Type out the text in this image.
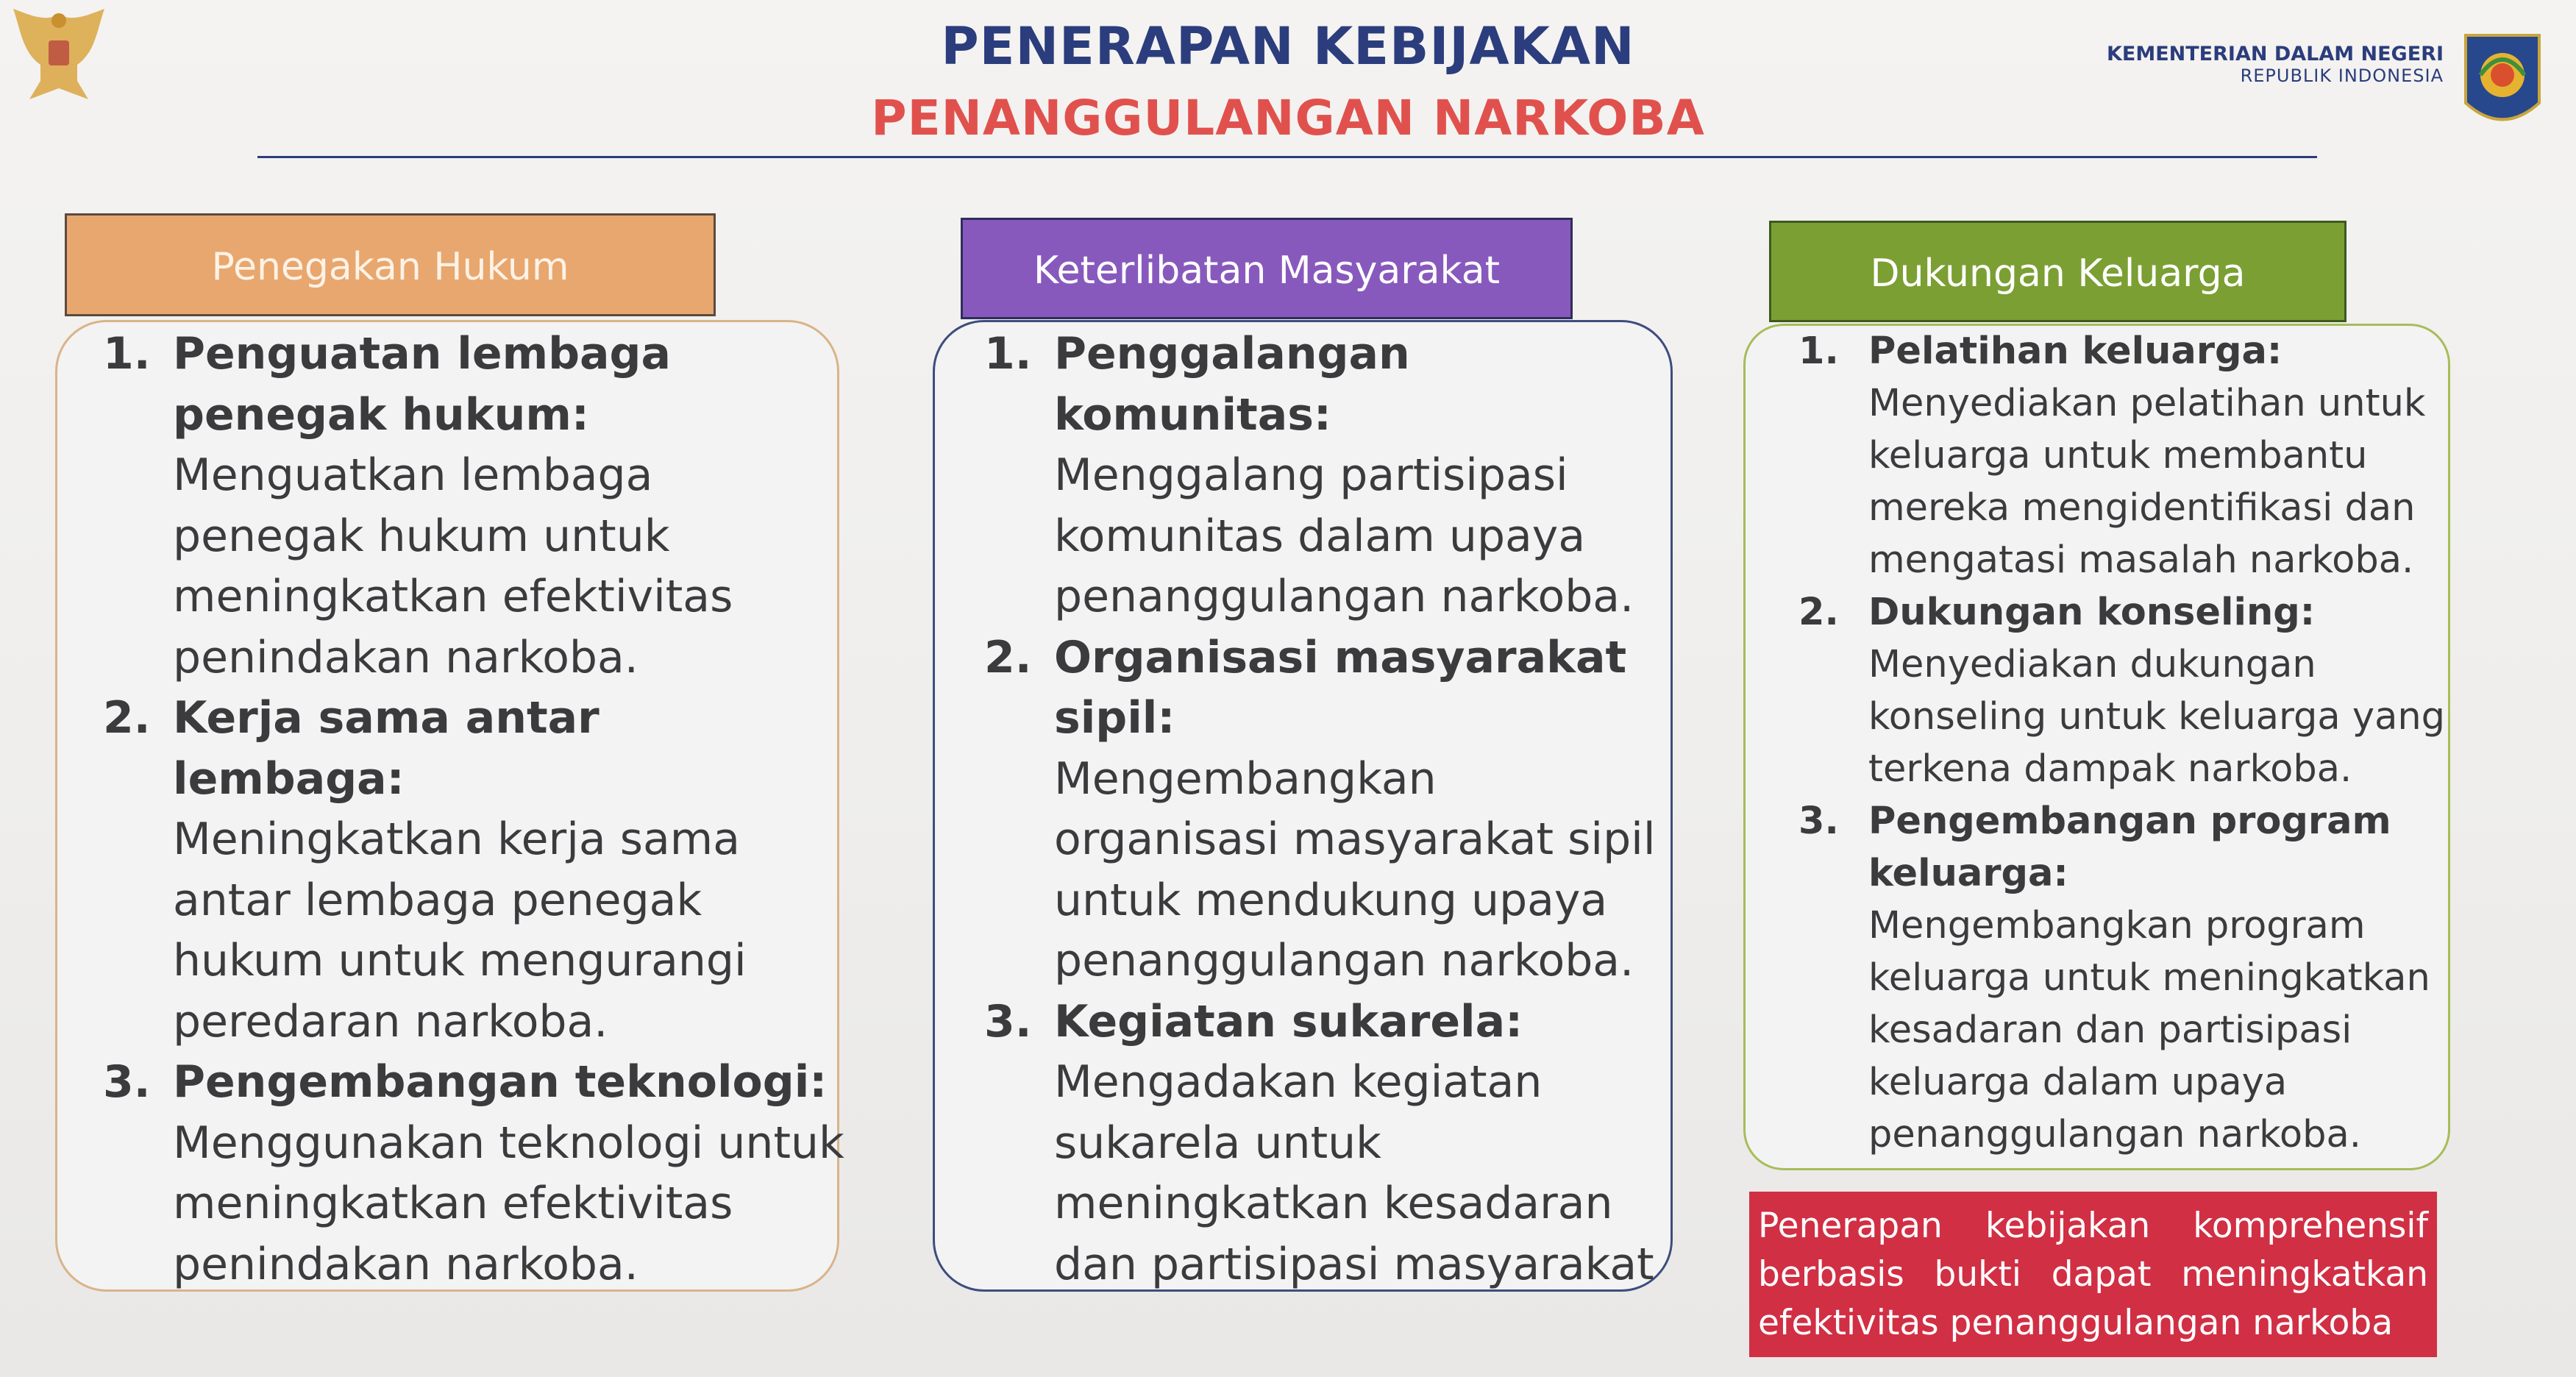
PENERAPAN KEBIJAKAN
PENANGGULANGAN NARKOBA
KEMENTERIAN DALAM NEGERI
REPUBLIK INDONESIA
Penegakan Hukum	Keterlibatan Masyarakat	Dukungan Keluarga
1. Penguatan lembaga penegak hukum:
Menguatkan lembaga penegak hukum untuk meningkatkan efektivitas penindakan narkoba.
2. Kerja sama antar lembaga:
Meningkatkan kerja sama antar lembaga penegak hukum untuk mengurangi peredaran narkoba.
3. Pengembangan teknologi:
Menggunakan teknologi untuk meningkatkan efektivitas penindakan narkoba.
1. Penggalangan komunitas:
Menggalang partisipasi komunitas dalam upaya penanggulangan narkoba.
2. Organisasi masyarakat sipil:
Mengembangkan organisasi masyarakat sipil untuk mendukung upaya penanggulangan narkoba.
3. Kegiatan sukarela:
Mengadakan kegiatan sukarela untuk meningkatkan kesadaran dan partisipasi masyarakat
1. Pelatihan keluarga:
Menyediakan pelatihan untuk keluarga untuk membantu mereka mengidentifikasi dan mengatasi masalah narkoba.
2. Dukungan konseling:
Menyediakan dukungan konseling untuk keluarga yang terkena dampak narkoba.
3. Pengembangan program keluarga:
Mengembangkan program keluarga untuk meningkatkan kesadaran dan partisipasi keluarga dalam upaya penanggulangan narkoba.
Penerapan kebijakan komprehensif berbasis bukti dapat meningkatkan efektivitas penanggulangan narkoba
